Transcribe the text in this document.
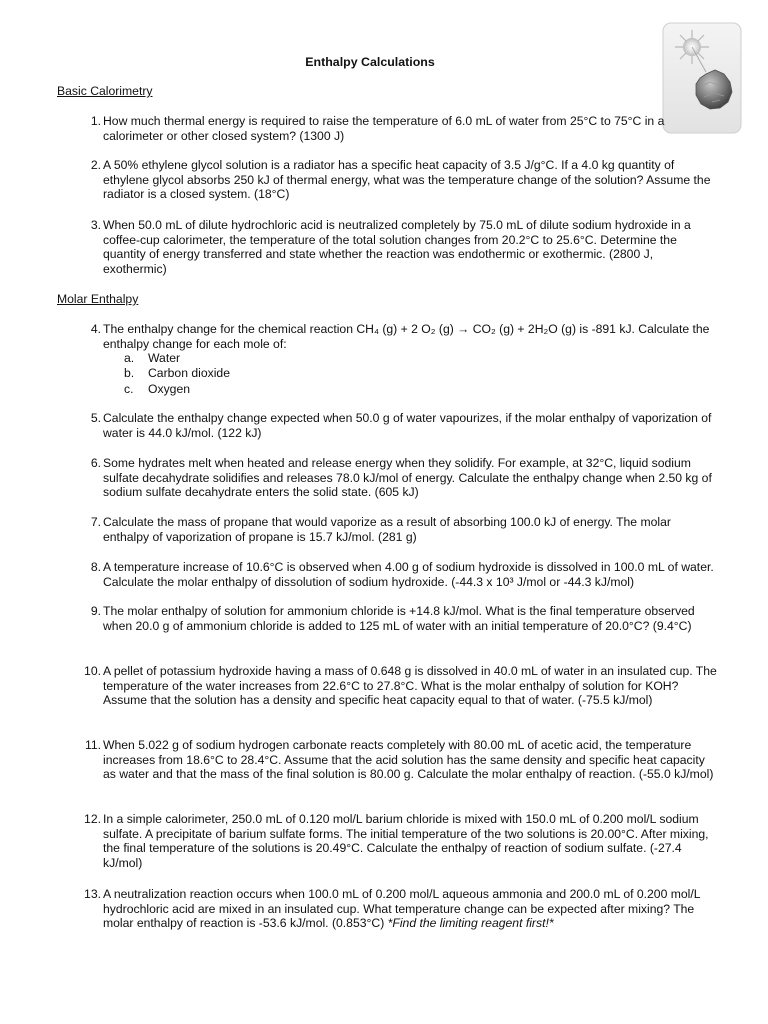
Enthalpy Calculations
Basic Calorimetry
1. How much thermal energy is required to raise the temperature of 6.0 mL of water from 25°C to 75°C in a calorimeter or other closed system? (1300 J)
2. A 50% ethylene glycol solution is a radiator has a specific heat capacity of 3.5 J/g°C. If a 4.0 kg quantity of ethylene glycol absorbs 250 kJ of thermal energy, what was the temperature change of the solution? Assume the radiator is a closed system. (18°C)
3. When 50.0 mL of dilute hydrochloric acid is neutralized completely by 75.0 mL of dilute sodium hydroxide in a coffee-cup calorimeter, the temperature of the total solution changes from 20.2°C to 25.6°C. Determine the quantity of energy transferred and state whether the reaction was endothermic or exothermic. (2800 J, exothermic)
Molar Enthalpy
4. The enthalpy change for the chemical reaction CH₄ (g) + 2 O₂ (g) → CO₂ (g) + 2H₂O (g) is -891 kJ. Calculate the enthalpy change for each mole of:
a. Water
b. Carbon dioxide
c. Oxygen
5. Calculate the enthalpy change expected when 50.0 g of water vapourizes, if the molar enthalpy of vaporization of water is 44.0 kJ/mol. (122 kJ)
6. Some hydrates melt when heated and release energy when they solidify. For example, at 32°C, liquid sodium sulfate decahydrate solidifies and releases 78.0 kJ/mol of energy. Calculate the enthalpy change when 2.50 kg of sodium sulfate decahydrate enters the solid state. (605 kJ)
7. Calculate the mass of propane that would vaporize as a result of absorbing 100.0 kJ of energy. The molar enthalpy of vaporization of propane is 15.7 kJ/mol. (281 g)
8. A temperature increase of 10.6°C is observed when 4.00 g of sodium hydroxide is dissolved in 100.0 mL of water. Calculate the molar enthalpy of dissolution of sodium hydroxide. (-44.3 x 10³ J/mol or -44.3 kJ/mol)
9. The molar enthalpy of solution for ammonium chloride is +14.8 kJ/mol. What is the final temperature observed when 20.0 g of ammonium chloride is added to 125 mL of water with an initial temperature of 20.0°C? (9.4°C)
10. A pellet of potassium hydroxide having a mass of 0.648 g is dissolved in 40.0 mL of water in an insulated cup. The temperature of the water increases from 22.6°C to 27.8°C. What is the molar enthalpy of solution for KOH? Assume that the solution has a density and specific heat capacity equal to that of water. (-75.5 kJ/mol)
11. When 5.022 g of sodium hydrogen carbonate reacts completely with 80.00 mL of acetic acid, the temperature increases from 18.6°C to 28.4°C. Assume that the acid solution has the same density and specific heat capacity as water and that the mass of the final solution is 80.00 g. Calculate the molar enthalpy of reaction. (-55.0 kJ/mol)
12. In a simple calorimeter, 250.0 mL of 0.120 mol/L barium chloride is mixed with 150.0 mL of 0.200 mol/L sodium sulfate. A precipitate of barium sulfate forms. The initial temperature of the two solutions is 20.00°C. After mixing, the final temperature of the solutions is 20.49°C. Calculate the enthalpy of reaction of sodium sulfate. (-27.4 kJ/mol)
13. A neutralization reaction occurs when 100.0 mL of 0.200 mol/L aqueous ammonia and 200.0 mL of 0.200 mol/L hydrochloric acid are mixed in an insulated cup. What temperature change can be expected after mixing? The molar enthalpy of reaction is -53.6 kJ/mol. (0.853°C) *Find the limiting reagent first!*
